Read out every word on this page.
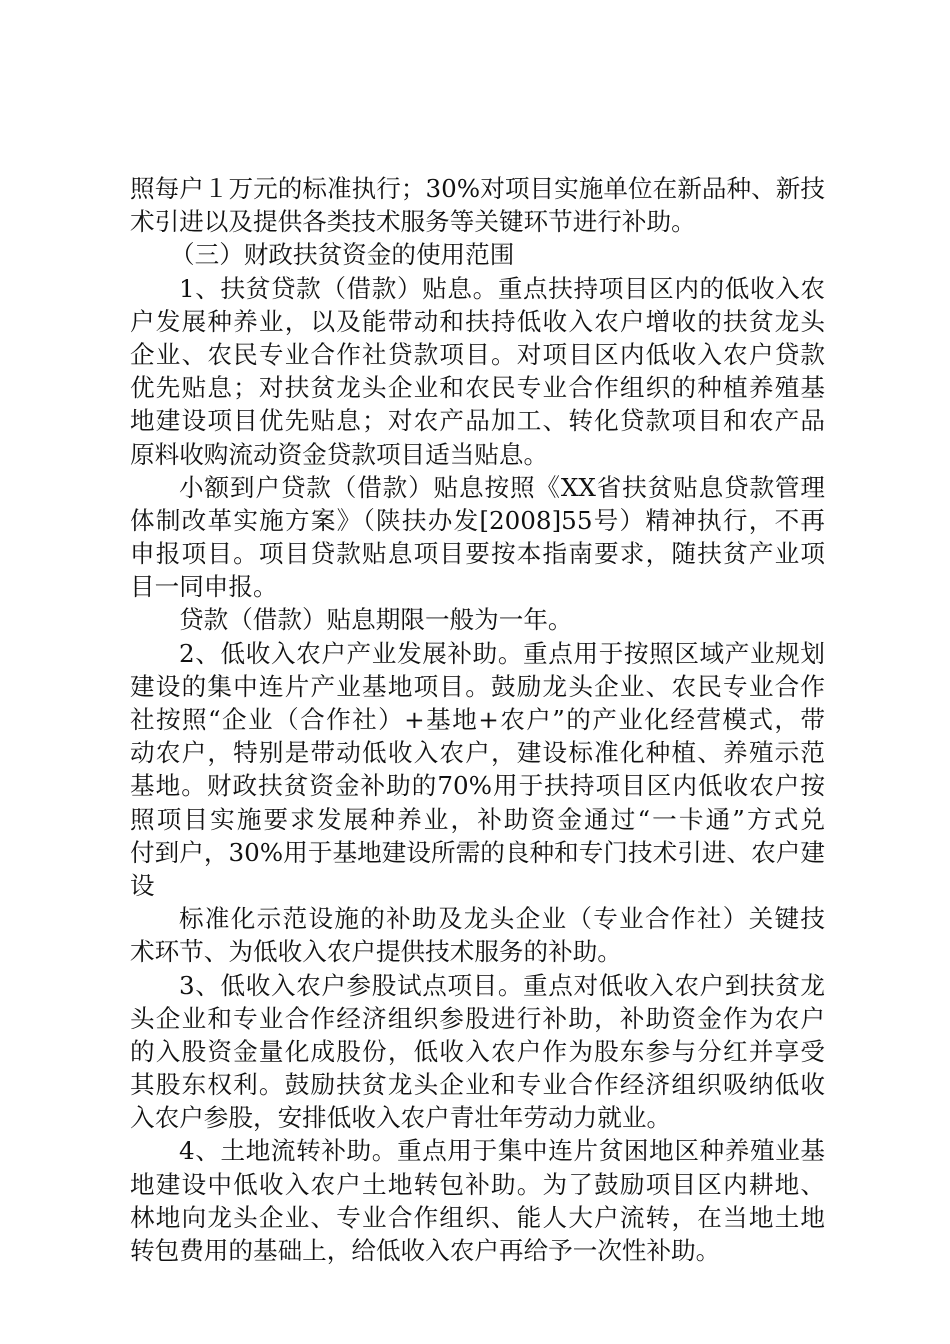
照每户１万元的标准执行；30%对项目实施单位在新品种、新技
术引进以及提供各类技术服务等关键环节进行补助。
（三）财政扶贫资金的使用范围
1、扶贫贷款（借款）贴息。重点扶持项目区内的低收入农
户发展种养业，以及能带动和扶持低收入农户增收的扶贫龙头
企业、农民专业合作社贷款项目。对项目区内低收入农户贷款
优先贴息；对扶贫龙头企业和农民专业合作组织的种植养殖基
地建设项目优先贴息；对农产品加工、转化贷款项目和农产品
原料收购流动资金贷款项目适当贴息。
小额到户贷款（借款）贴息按照《XX省扶贫贴息贷款管理
体制改革实施方案》（陕扶办发[2008]55号）精神执行，不再
申报项目。项目贷款贴息项目要按本指南要求，随扶贫产业项
目一同申报。
贷款（借款）贴息期限一般为一年。
2、低收入农户产业发展补助。重点用于按照区域产业规划
建设的集中连片产业基地项目。鼓励龙头企业、农民专业合作
社按照“企业（合作社）+基地+农户”的产业化经营模式，带
动农户，特别是带动低收入农户，建设标准化种植、养殖示范
基地。财政扶贫资金补助的70%用于扶持项目区内低收农户按
照项目实施要求发展种养业，补助资金通过“一卡通”方式兑
付到户，30%用于基地建设所需的良种和专门技术引进、农户建
设
标准化示范设施的补助及龙头企业（专业合作社）关键技
术环节、为低收入农户提供技术服务的补助。
3、低收入农户参股试点项目。重点对低收入农户到扶贫龙
头企业和专业合作经济组织参股进行补助，补助资金作为农户
的入股资金量化成股份，低收入农户作为股东参与分红并享受
其股东权利。鼓励扶贫龙头企业和专业合作经济组织吸纳低收
入农户参股，安排低收入农户青壮年劳动力就业。
4、土地流转补助。重点用于集中连片贫困地区种养殖业基
地建设中低收入农户土地转包补助。为了鼓励项目区内耕地、
林地向龙头企业、专业合作组织、能人大户流转，在当地土地
转包费用的基础上，给低收入农户再给予一次性补助。
